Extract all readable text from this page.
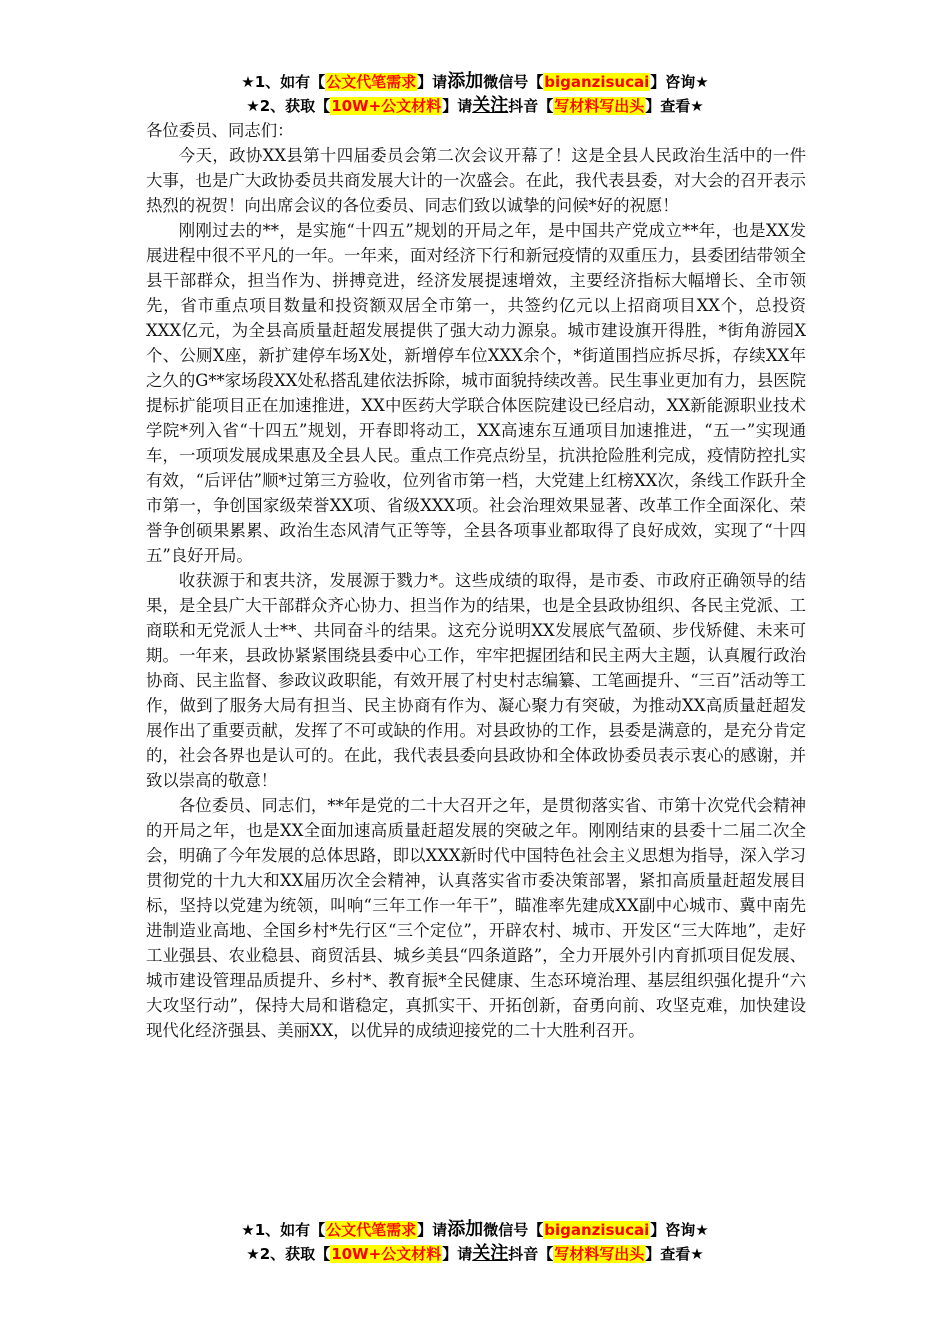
★1、如有【公文代笔需求】请添加微信号【biganzisucai】咨询★
★2、获取【10W+公文材料】请关注抖音【写材料写出头】查看★

各位委员、同志们：

今天，政协XX县第十四届委员会第二次会议开幕了！这是全县人民政治生活中的一件大事，也是广大政协委员共商发展大计的一次盛会。在此，我代表县委，对大会的召开表示热烈的祝贺！向出席会议的各位委员、同志们致以诚挚的问候*好的祝愿！

刚刚过去的**，是实施“十四五”规划的开局之年，是中国共产党成立**年，也是XX发展进程中很不平凡的一年。一年来，面对经济下行和新冠疫情的双重压力，县委团结带领全县干部群众，担当作为、拼搏竞进，经济发展提速增效，主要经济指标大幅增长、全市领先，省市重点项目数量和投资额双居全市第一，共签约亿元以上招商项目XX个，总投资XXX亿元，为全县高质量赶超发展提供了强大动力源泉。城市建设旗开得胜，*街角游园X个、公厕X座，新扩建停车场X处，新增停车位XXX余个，*街道围挡应拆尽拆，存续XX年之久的G**家场段XX处私搭乱建依法拆除，城市面貌持续改善。民生事业更加有力，县医院提标扩能项目正在加速推进，XX中医药大学联合体医院建设已经启动，XX新能源职业技术学院*列入省“十四五”规划，开春即将动工，XX高速东互通项目加速推进，“五一”实现通车，一项项发展成果惠及全县人民。重点工作亮点纷呈，抗洪抢险胜利完成，疫情防控扎实有效，“后评估”顺*过第三方验收，位列省市第一档，大党建上红榜XX次，条线工作跃升全市第一，争创国家级荣誉XX项、省级XXX项。社会治理效果显著、改革工作全面深化、荣誉争创硕果累累、政治生态风清气正等等，全县各项事业都取得了良好成效，实现了“十四五”良好开局。

收获源于和衷共济，发展源于戮力*。这些成绩的取得，是市委、市政府正确领导的结果，是全县广大干部群众齐心协力、担当作为的结果，也是全县政协组织、各民主党派、工商联和无党派人士**、共同奋斗的结果。这充分说明XX发展底气盈硕、步伐矫健、未来可期。一年来，县政协紧紧围绕县委中心工作，牢牢把握团结和民主两大主题，认真履行政治协商、民主监督、参政议政职能，有效开展了村史村志编纂、工笔画提升、“三百”活动等工作，做到了服务大局有担当、民主协商有作为、凝心聚力有突破，为推动XX高质量赶超发展作出了重要贡献，发挥了不可或缺的作用。对县政协的工作，县委是满意的，是充分肯定的，社会各界也是认可的。在此，我代表县委向县政协和全体政协委员表示衷心的感谢，并致以崇高的敬意！

各位委员、同志们，**年是党的二十大召开之年，是贯彻落实省、市第十次党代会精神的开局之年，也是XX全面加速高质量赶超发展的突破之年。刚刚结束的县委十二届二次全会，明确了今年发展的总体思路，即以XXX新时代中国特色社会主义思想为指导，深入学习贯彻党的十九大和XX届历次全会精神，认真落实省市委决策部署，紧扣高质量赶超发展目标，坚持以党建为统领，叫响“三年工作一年干”，瞄准率先建成XX副中心城市、冀中南先进制造业高地、全国乡村*先行区“三个定位”，开辟农村、城市、开发区“三大阵地”，走好工业强县、农业稳县、商贸活县、城乡美县“四条道路”，全力开展外引内育抓项目促发展、城市建设管理品质提升、乡村*、教育振*全民健康、生态环境治理、基层组织强化提升“六大攻坚行动”，保持大局和谐稳定，真抓实干、开拓创新，奋勇向前、攻坚克难，加快建设现代化经济强县、美丽XX，以优异的成绩迎接党的二十大胜利召开。

★1、如有【公文代笔需求】请添加微信号【biganzisucai】咨询★
★2、获取【10W+公文材料】请关注抖音【写材料写出头】查看★
